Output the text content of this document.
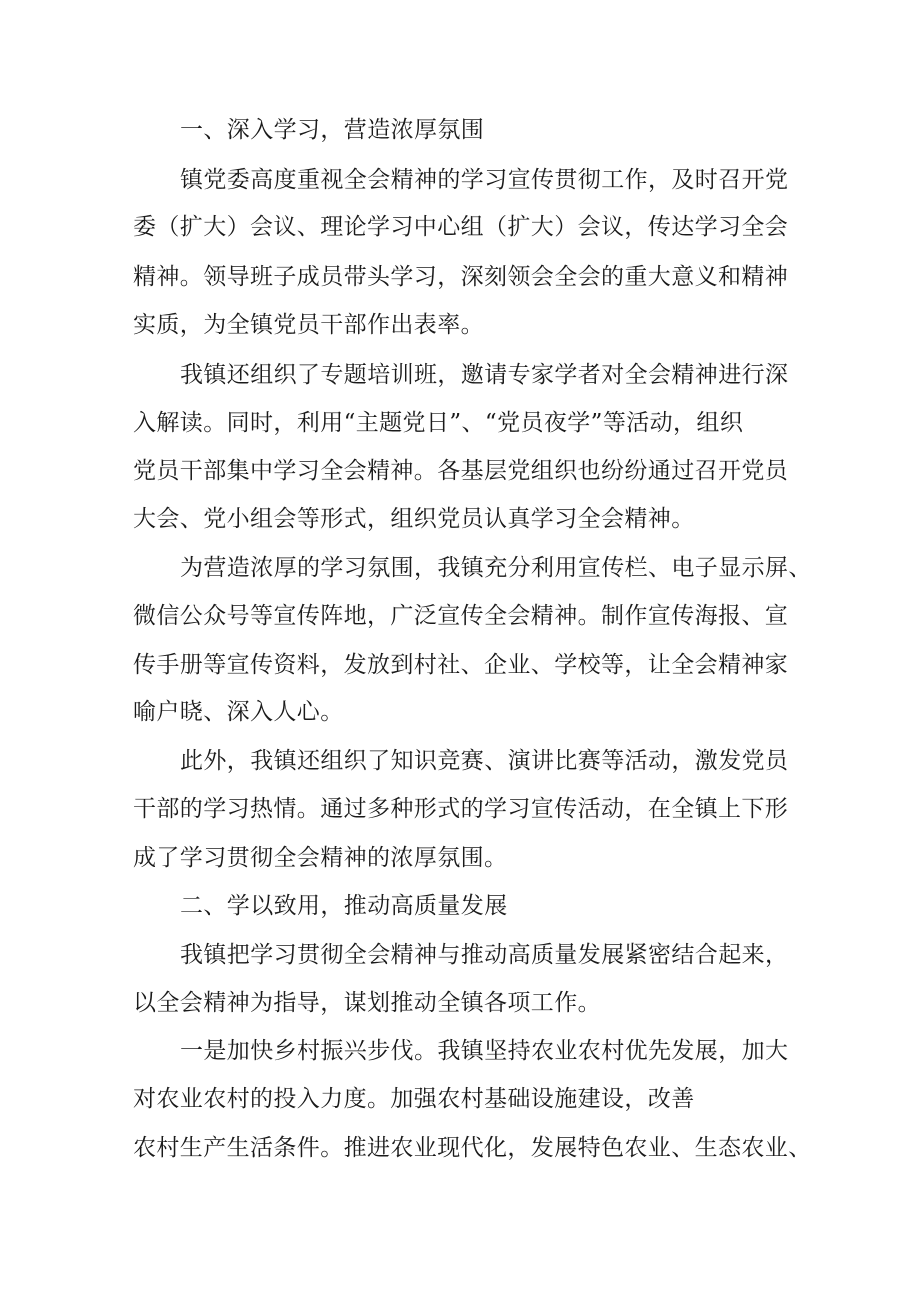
一、深入学习，营造浓厚氛围
镇党委高度重视全会精神的学习宣传贯彻工作，及时召开党
委（扩大）会议、理论学习中心组（扩大）会议，传达学习全会
精神。领导班子成员带头学习，深刻领会全会的重大意义和精神
实质，为全镇党员干部作出表率。
我镇还组织了专题培训班，邀请专家学者对全会精神进行深
入解读。同时，利用“主题党日”、“党员夜学”等活动，组织
党员干部集中学习全会精神。各基层党组织也纷纷通过召开党员
大会、党小组会等形式，组织党员认真学习全会精神。
为营造浓厚的学习氛围，我镇充分利用宣传栏、电子显示屏、
微信公众号等宣传阵地，广泛宣传全会精神。制作宣传海报、宣
传手册等宣传资料，发放到村社、企业、学校等，让全会精神家
喻户晓、深入人心。
此外，我镇还组织了知识竞赛、演讲比赛等活动，激发党员
干部的学习热情。通过多种形式的学习宣传活动，在全镇上下形
成了学习贯彻全会精神的浓厚氛围。
二、学以致用，推动高质量发展
我镇把学习贯彻全会精神与推动高质量发展紧密结合起来，
以全会精神为指导，谋划推动全镇各项工作。
一是加快乡村振兴步伐。我镇坚持农业农村优先发展，加大
对农业农村的投入力度。加强农村基础设施建设，改善
农村生产生活条件。推进农业现代化，发展特色农业、生态农业、
